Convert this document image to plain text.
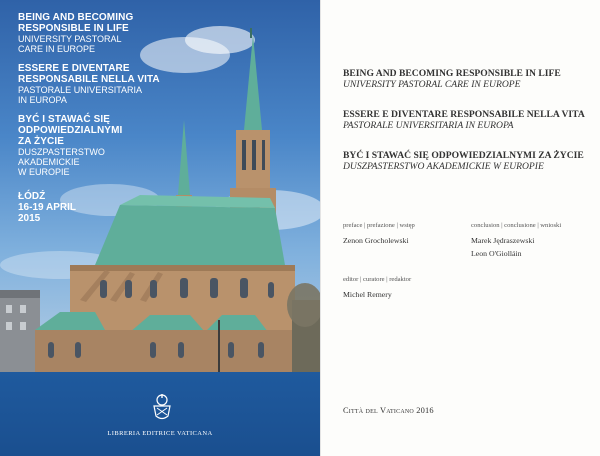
BEING AND BECOMING
RESPONSIBLE IN LIFE
UNIVERSITY PASTORAL
CARE IN EUROPE
ESSERE E DIVENTARE
RESPONSABILE NELLA VITA
PASTORALE UNIVERSITARIA
IN EUROPA
BYĆ I STAWAĆ SIĘ
ODPOWIEDZIALNYMI
ZA ŻYCIE
DUSZPASTERSTWO
AKADEMICKIE
W EUROPIE
ŁÓDŹ
16-19 APRIL
2015
LIBRERIA EDITRICE VATICANA
BEING AND BECOMING RESPONSIBLE IN LIFE
UNIVERSITY PASTORAL CARE IN EUROPE
ESSERE E DIVENTARE RESPONSABILE NELLA VITA
PASTORALE UNIVERSITARIA IN EUROPA
BYĆ I STAWAĆ SIĘ ODPOWIEDZIALNYMI ZA ŻYCIE
DUSZPASTERSTWO AKADEMICKIE W EUROPIE
preface | prefazione | wstęp
Zenon Grocholewski
conclusion | conclusione | wnioski
Marek Jędraszewski
Leon O'Giolláin
editor | curatore | redaktor
Michel Remery
Città del Vaticano 2016
